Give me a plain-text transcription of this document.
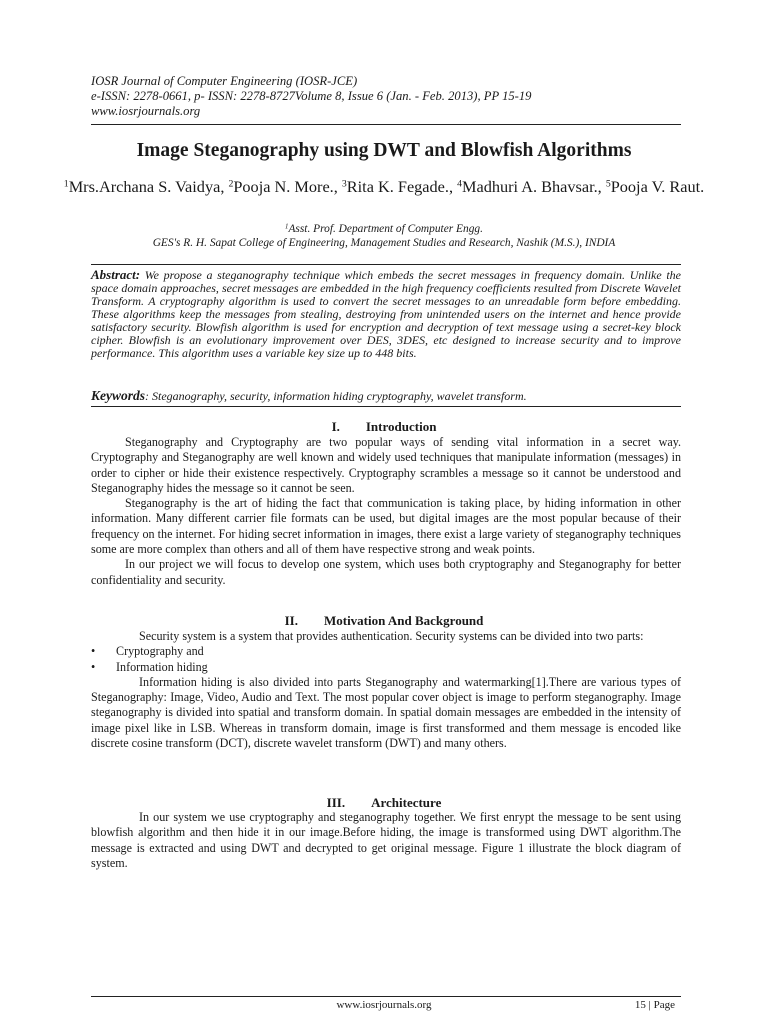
IOSR Journal of Computer Engineering (IOSR-JCE)
e-ISSN: 2278-0661, p- ISSN: 2278-8727Volume 8, Issue 6 (Jan. - Feb. 2013), PP 15-19
www.iosrjournals.org
Image Steganography using DWT and Blowfish Algorithms
$^1$Mrs.Archana S. Vaidya, $^2$Pooja N. More., $^3$Rita K. Fegade., $^4$Madhuri A. Bhavsar., $^5$Pooja V. Raut.
$^1$Asst. Prof. Department of Computer Engg.
GES's R. H. Sapat College of Engineering, Management Studies and Research, Nashik (M.S.), INDIA
Abstract: We propose a steganography technique which embeds the secret messages in frequency domain. Unlike the space domain approaches, secret messages are embedded in the high frequency coefficients resulted from Discrete Wavelet Transform. A cryptography algorithm is used to convert the secret messages to an unreadable form before embedding. These algorithms keep the messages from stealing, destroying from unintended users on the internet and hence provide satisfactory security. Blowfish algorithm is used for encryption and decryption of text message using a secret-key block cipher. Blowfish is an evolutionary improvement over DES, 3DES, etc designed to increase security and to improve performance. This algorithm uses a variable key size up to 448 bits.
Keywords: Steganography, security, information hiding cryptography, wavelet transform.
I. Introduction

Steganography and Cryptography are two popular ways of sending vital information in a secret way. Cryptography and Steganography are well known and widely used techniques that manipulate information (messages) in order to cipher or hide their existence respectively. Cryptography scrambles a message so it cannot be understood and Steganography hides the message so it cannot be seen.

Steganography is the art of hiding the fact that communication is taking place, by hiding information in other information. Many different carrier file formats can be used, but digital images are the most popular because of their frequency on the internet. For hiding secret information in images, there exist a large variety of steganography techniques some are more complex than others and all of them have respective strong and weak points.

In our project we will focus to develop one system, which uses both cryptography and Steganography for better confidentiality and security.

II. Motivation And Background

Security system is a system that provides authentication. Security systems can be divided into two parts:

• Cryptography and
• Information hiding

Information hiding is also divided into parts Steganography and watermarking[1].There are various types of Steganography: Image, Video, Audio and Text. The most popular cover object is image to perform steganography. Image steganography is divided into spatial and transform domain. In spatial domain messages are embedded in the intensity of image pixel like in LSB. Whereas in transform domain, image is first transformed and them message is encoded like discrete cosine transform (DCT), discrete wavelet transform (DWT) and many others.

III. Architecture

In our system we use cryptography and steganography together. We first enrypt the message to be sent using blowfish algorithm and then hide it in our image.Before hiding, the image is transformed using DWT algorithm.The message is extracted and using DWT and decrypted to get original message. Figure 1 illustrate the block diagram of system.

www.iosrjournals.org	15 | Page
